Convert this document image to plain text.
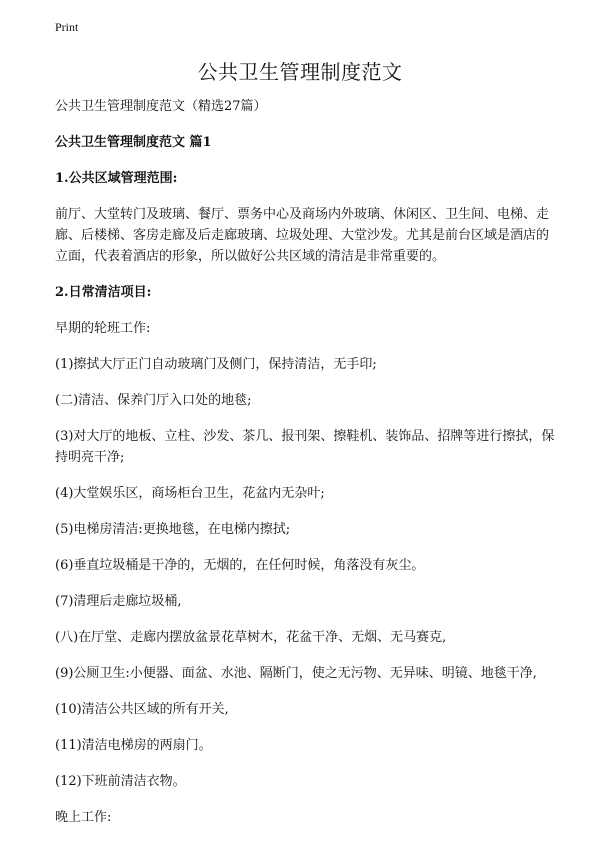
Print
公共卫生管理制度范文
公共卫生管理制度范文（精选27篇）
公共卫生管理制度范文 篇1
1.公共区域管理范围:
前厅、大堂转门及玻璃、餐厅、票务中心及商场内外玻璃、休闲区、卫生间、电梯、走廊、后楼梯、客房走廊及后走廊玻璃、垃圾处理、大堂沙发。尤其是前台区域是酒店的立面，代表着酒店的形象，所以做好公共区域的清洁是非常重要的。
2.日常清洁项目:
早期的轮班工作:
(1)擦拭大厅正门自动玻璃门及侧门，保持清洁，无手印;
(二)清洁、保养门厅入口处的地毯;
(3)对大厅的地板、立柱、沙发、茶几、报刊架、擦鞋机、装饰品、招牌等进行擦拭，保持明亮干净;
(4)大堂娱乐区，商场柜台卫生，花盆内无杂叶;
(5)电梯房清洁:更换地毯，在电梯内擦拭;
(6)垂直垃圾桶是干净的，无烟的，在任何时候，角落没有灰尘。
(7)清理后走廊垃圾桶,
(八)在厅堂、走廊内摆放盆景花草树木，花盆干净、无烟、无马赛克,
(9)公厕卫生:小便器、面盆、水池、隔断门，使之无污物、无异味、明镜、地毯干净,
(10)清洁公共区域的所有开关,
(11)清洁电梯房的两扇门。
(12)下班前清洁衣物。
晚上工作:
